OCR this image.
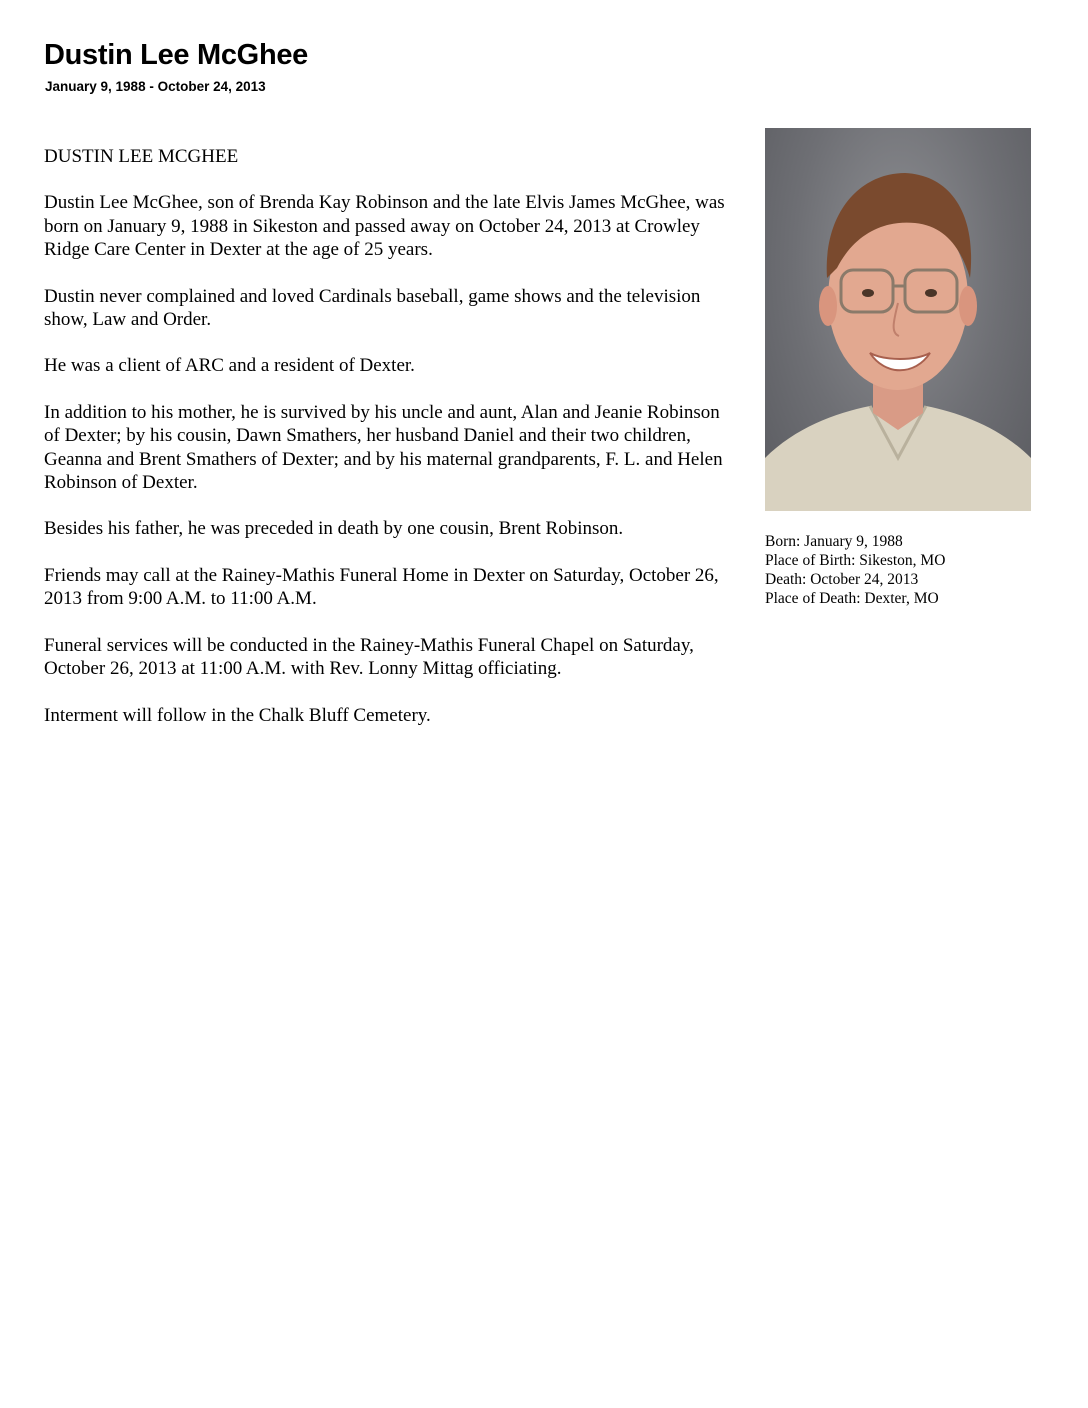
Dustin Lee McGhee
January 9, 1988 - October 24, 2013

DUSTIN LEE MCGHEE

Dustin Lee McGhee, son of Brenda Kay Robinson and the late Elvis James McGhee, was born on January 9, 1988 in Sikeston and passed away on October 24, 2013 at Crowley Ridge Care Center in Dexter at the age of 25 years.

Dustin never complained and loved Cardinals baseball, game shows and the television show, Law and Order.

He was a client of ARC and a resident of Dexter.

In addition to his mother, he is survived by his uncle and aunt, Alan and Jeanie Robinson of Dexter; by his cousin, Dawn Smathers, her husband Daniel and their two children, Geanna and Brent Smathers of Dexter; and by his maternal grandparents, F. L. and Helen Robinson of Dexter.

Besides his father, he was preceded in death by one cousin, Brent Robinson.

Friends may call at the Rainey-Mathis Funeral Home in Dexter on Saturday, October 26, 2013 from 9:00 A.M. to 11:00 A.M.

Funeral services will be conducted in the Rainey-Mathis Funeral Chapel on Saturday, October 26, 2013 at 11:00 A.M. with Rev. Lonny Mittag officiating.

Interment will follow in the Chalk Bluff Cemetery.

Born: January 9, 1988
Place of Birth: Sikeston, MO
Death: October 24, 2013
Place of Death: Dexter, MO
